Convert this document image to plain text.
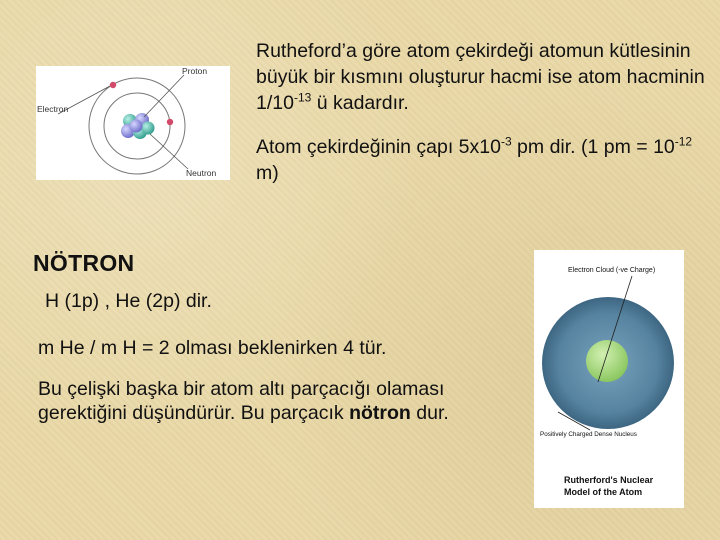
Proton
Electron
Neutron

Rutheford’a göre atom çekirdeği atomun kütlesinin büyük bir kısmını oluşturur hacmi ise atom hacminin $1/10^{-13}$ ü kadardır.

Atom çekirdeğinin çapı $5x10^{-3}$ pm dir. (1 pm = $10^{-12}$ m)

NÖTRON

H (1p) , He (2p) dir.

m He / m H = 2 olması beklenirken 4 tür.

Bu çelişki başka bir atom altı parçacığı olaması gerektiğini düşündürür. Bu parçacık nötron dur.

Electron Cloud (-ve Charge)
Positively Charged Dense Nucleus
Rutherford's Nuclear
Model of the Atom
